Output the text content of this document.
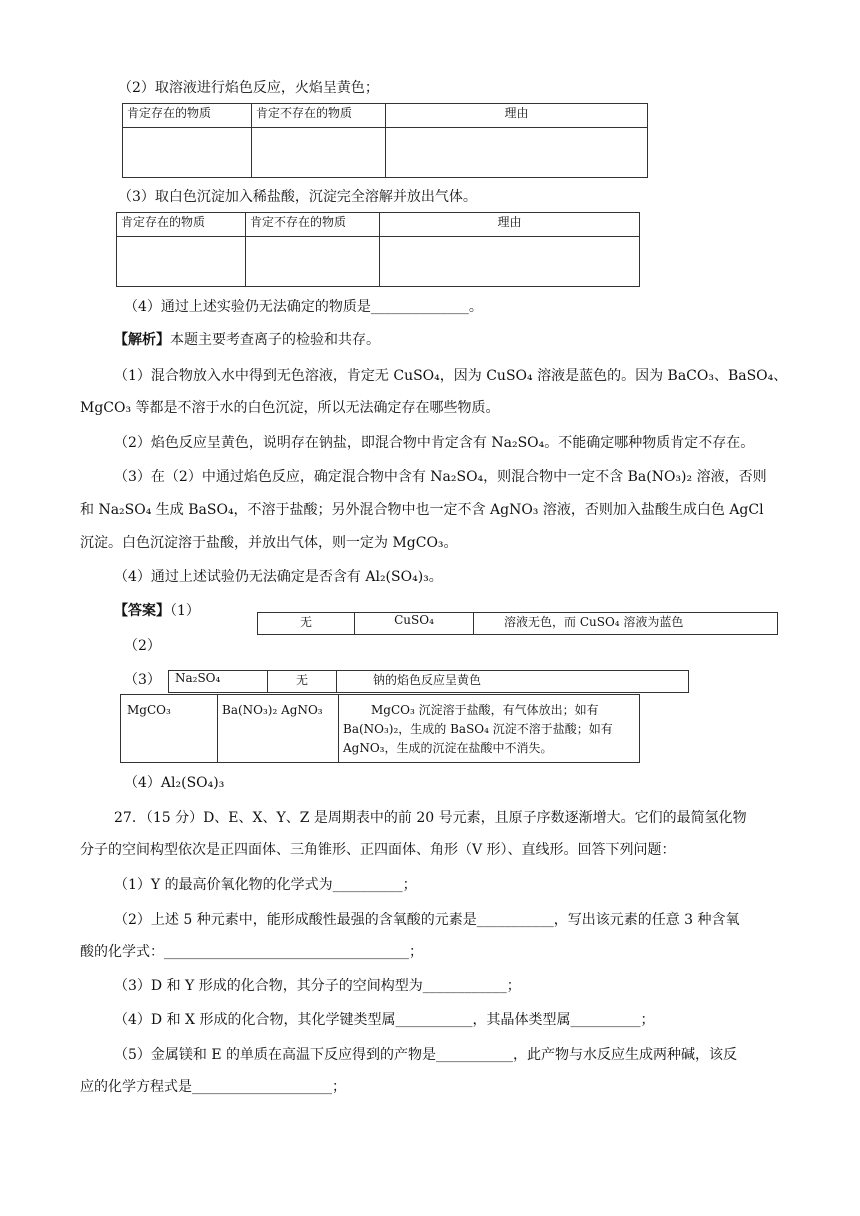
（2）取溶液进行焰色反应，火焰呈黄色；
肯定存在的物质	肯定不存在的物质	理由

（3）取白色沉淀加入稀盐酸，沉淀完全溶解并放出气体。
肯定存在的物质	肯定不存在的物质	理由

（4）通过上述实验仍无法确定的物质是______________。
【解析】本题主要考查离子的检验和共存。
（1）混合物放入水中得到无色溶液，肯定无 CuSO₄，因为 CuSO₄ 溶液是蓝色的。因为 BaCO₃、BaSO₄、
MgCO₃ 等都是不溶于水的白色沉淀，所以无法确定存在哪些物质。
（2）焰色反应呈黄色，说明存在钠盐，即混合物中肯定含有 Na₂SO₄。不能确定哪种物质肯定不存在。
（3）在（2）中通过焰色反应，确定混合物中含有 Na₂SO₄，则混合物中一定不含 Ba(NO₃)₂ 溶液，否则
和 Na₂SO₄ 生成 BaSO₄，不溶于盐酸；另外混合物中也一定不含 AgNO₃ 溶液，否则加入盐酸生成白色 AgCl
沉淀。白色沉淀溶于盐酸，并放出气体，则一定为 MgCO₃。
（4）通过上述试验仍无法确定是否含有 Al₂(SO₄)₃。
【答案】（1）
无	CuSO₄	溶液无色，而 CuSO₄ 溶液为蓝色
（2）
（3） Na₂SO₄	无	钠的焰色反应呈黄色
MgCO₃	Ba(NO₃)₂ AgNO₃	MgCO₃ 沉淀溶于盐酸，有气体放出；如有
Ba(NO₃)₂，生成的 BaSO₄ 沉淀不溶于盐酸；如有
AgNO₃，生成的沉淀在盐酸中不消失。
（4）Al₂(SO₄)₃
27．（15 分）D、E、X、Y、Z 是周期表中的前 20 号元素，且原子序数逐渐增大。它们的最简氢化物
分子的空间构型依次是正四面体、三角锥形、正四面体、角形（V 形）、直线形。回答下列问题：
（1）Y 的最高价氧化物的化学式为__________；
（2）上述 5 种元素中，能形成酸性最强的含氧酸的元素是___________，写出该元素的任意 3 种含氧
酸的化学式：___________________________________；
（3）D 和 Y 形成的化合物，其分子的空间构型为____________；
（4）D 和 X 形成的化合物，其化学键类型属___________，其晶体类型属__________；
（5）金属镁和 E 的单质在高温下反应得到的产物是___________，此产物与水反应生成两种碱，该反
应的化学方程式是____________________；
